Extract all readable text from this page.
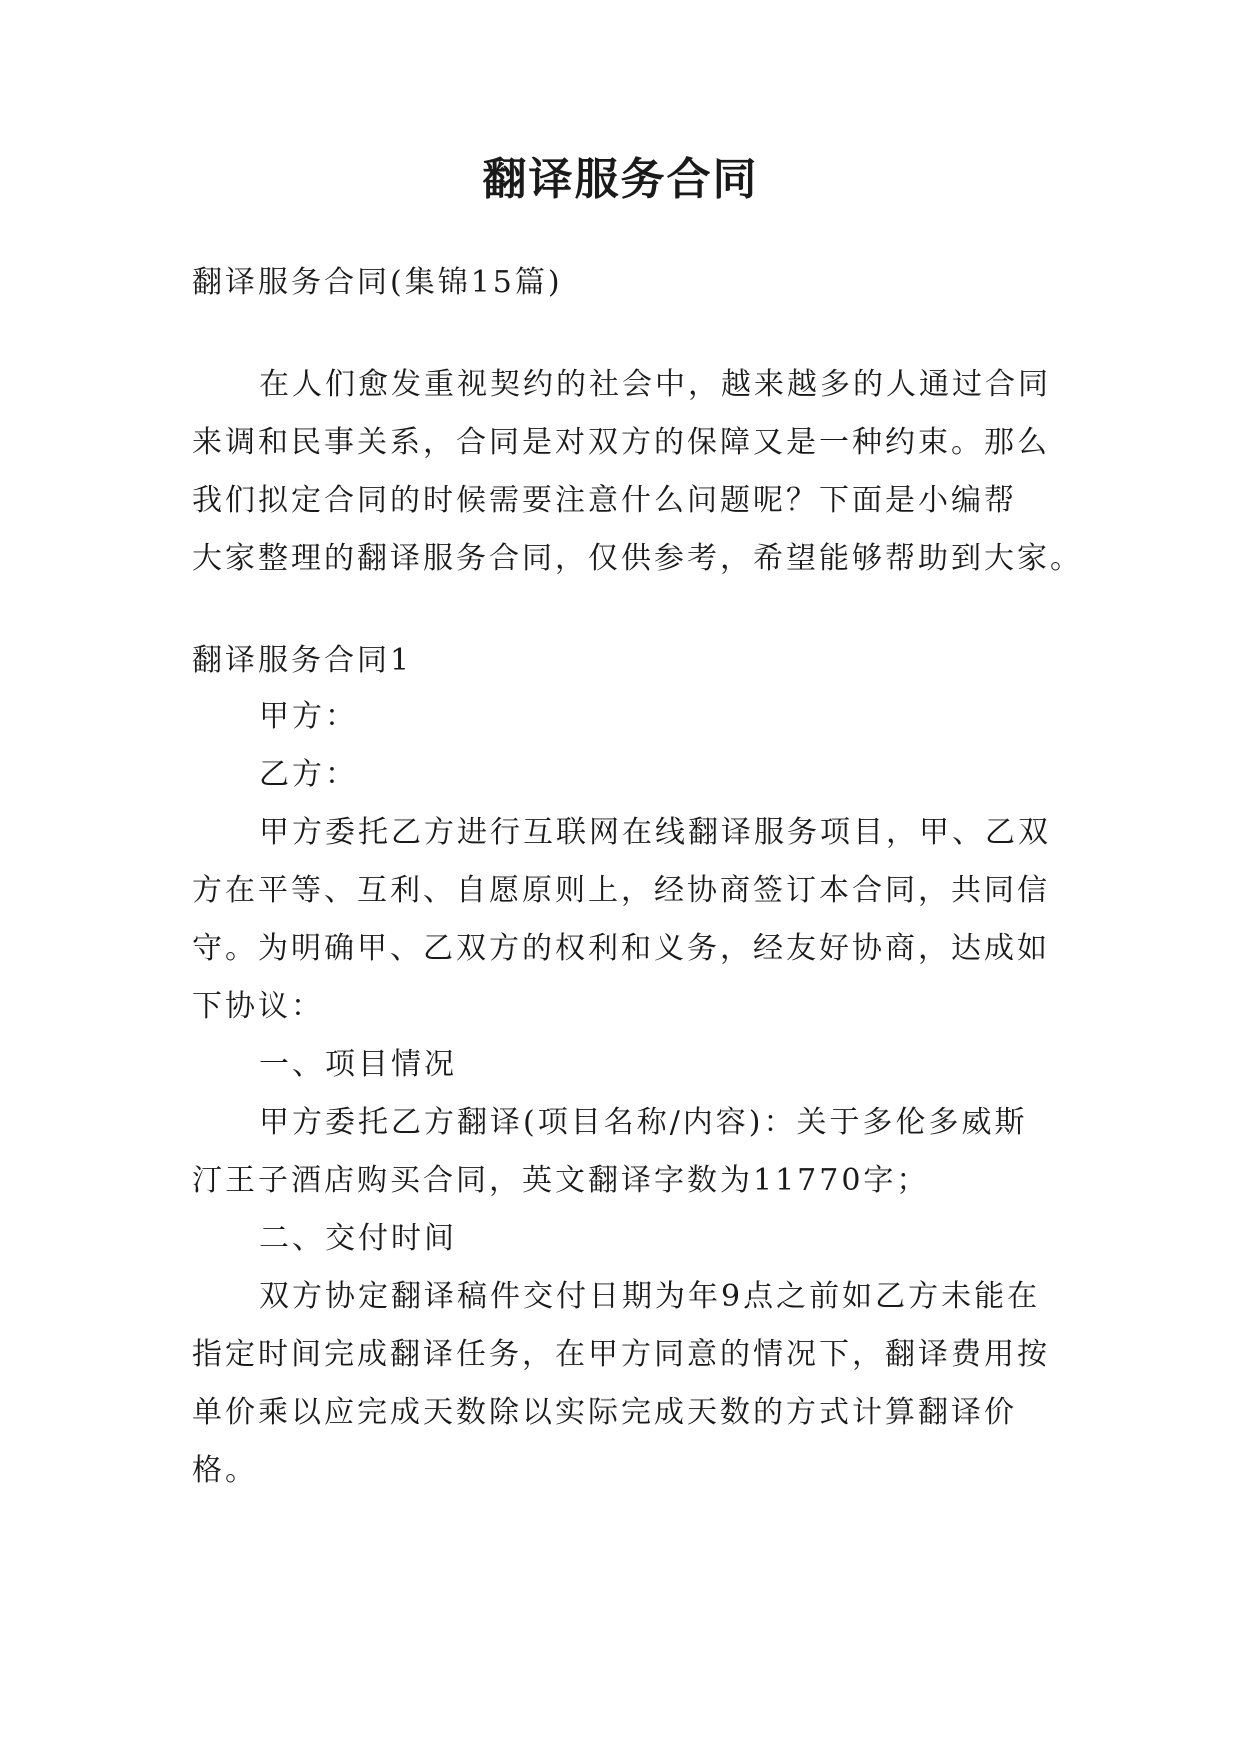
翻译服务合同
翻译服务合同(集锦15篇)
在人们愈发重视契约的社会中，越来越多的人通过合同
来调和民事关系，合同是对双方的保障又是一种约束。那么
我们拟定合同的时候需要注意什么问题呢？下面是小编帮
大家整理的翻译服务合同，仅供参考，希望能够帮助到大家。
翻译服务合同1
甲方：
乙方：
甲方委托乙方进行互联网在线翻译服务项目，甲、乙双
方在平等、互利、自愿原则上，经协商签订本合同，共同信
守。为明确甲、乙双方的权利和义务，经友好协商，达成如
下协议：
一、项目情况
甲方委托乙方翻译(项目名称/内容)：关于多伦多威斯
汀王子酒店购买合同，英文翻译字数为11770字；
二、交付时间
双方协定翻译稿件交付日期为年9点之前如乙方未能在
指定时间完成翻译任务，在甲方同意的情况下，翻译费用按
单价乘以应完成天数除以实际完成天数的方式计算翻译价
格。
